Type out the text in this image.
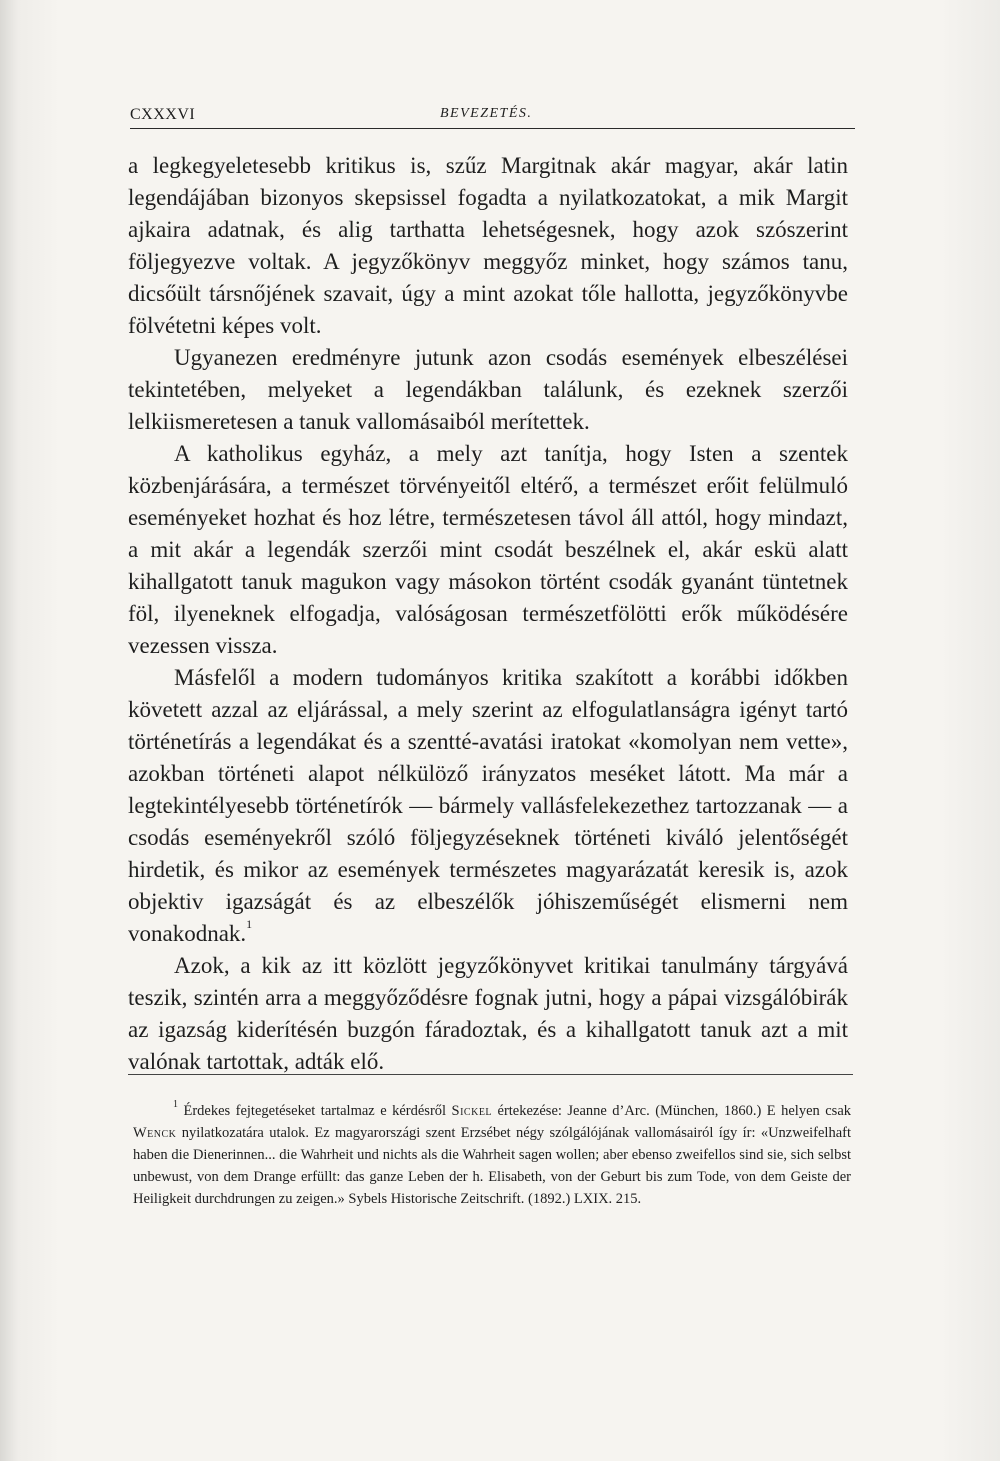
CXXXVI	BEVEZETÉS.

a legkegyeletesebb kritikus is, szűz Margitnak akár magyar, akár latin legendájában bizonyos skepsissel fogadta a nyilatkozatokat, a mik Margit ajkaira adatnak, és alig tarthatta lehetségesnek, hogy azok szószerint följegyezve voltak. A jegyzőkönyv meggyőz minket, hogy számos tanu, dicsőült társnőjének szavait, úgy a mint azokat tőle hallotta, jegyzőkönyvbe fölvétetni képes volt.

Ugyanezen eredményre jutunk azon csodás események elbeszélései tekintetében, melyeket a legendákban találunk, és ezeknek szerzői lelkiismeretesen a tanuk vallomásaiból merítettek.

A katholikus egyház, a mely azt tanítja, hogy Isten a szentek közbenjárására, a természet törvényeitől eltérő, a természet erőit felülmuló eseményeket hozhat és hoz létre, természetesen távol áll attól, hogy mindazt, a mit akár a legendák szerzői mint csodát beszélnek el, akár eskü alatt kihallgatott tanuk magukon vagy másokon történt csodák gyanánt tüntetnek föl, ilyeneknek elfogadja, valóságosan természetfölötti erők működésére vezessen vissza.

Másfelől a modern tudományos kritika szakított a korábbi időkben követett azzal az eljárással, a mely szerint az elfogulatlanságra igényt tartó történetírás a legendákat és a szentté-avatási iratokat «komolyan nem vette», azokban történeti alapot nélkülöző irányzatos meséket látott. Ma már a legtekintélyesebb történetírók — bármely vallásfelekezethez tartozzanak — a csodás eseményekről szóló följegyzéseknek történeti kiváló jelentőségét hirdetik, és mikor az események természetes magyarázatát keresik is, azok objektiv igazságát és az elbeszélők jóhiszeműségét elismerni nem vonakodnak.$^1$

Azok, a kik az itt közlött jegyzőkönyvet kritikai tanulmány tárgyává teszik, szintén arra a meggyőződésre fognak jutni, hogy a pápai vizsgálóbirák az igazság kiderítésén buzgón fáradoztak, és a kihallgatott tanuk azt a mit valónak tartottak, adták elő.

$^1$ Érdekes fejtegetéseket tartalmaz e kérdésről Sickel értekezése: Jeanne d’Arc. (München, 1860.) E helyen csak Wenck nyilatkozatára utalok. Ez magyarországi szent Erzsébet négy szólgálójának vallomásairól így ír: «Unzweifelhaft haben die Dienerinnen... die Wahrheit und nichts als die Wahrheit sagen wollen; aber ebenso zweifellos sind sie, sich selbst unbewust, von dem Drange erfüllt: das ganze Leben der h. Elisabeth, von der Geburt bis zum Tode, von dem Geiste der Heiligkeit durchdrungen zu zeigen.» Sybels Historische Zeitschrift. (1892.) LXIX. 215.
